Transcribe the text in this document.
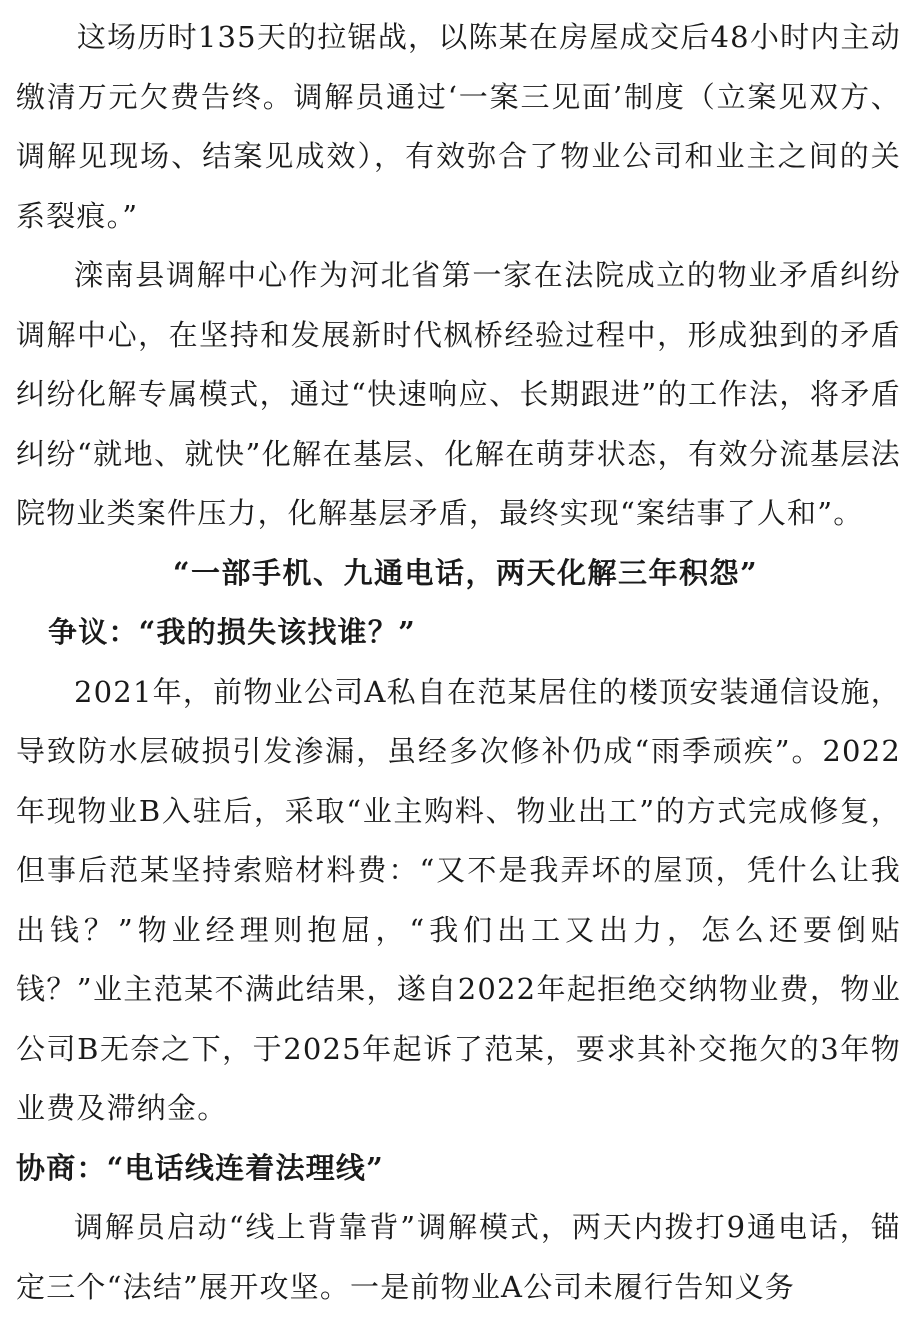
这场历时135天的拉锯战，以陈某在房屋成交后48小时内主动缴清万元欠费告终。调解员通过‘一案三见面’制度（立案见双方、调解见现场、结案见成效），有效弥合了物业公司和业主之间的关系裂痕。”

滦南县调解中心作为河北省第一家在法院成立的物业矛盾纠纷调解中心，在坚持和发展新时代枫桥经验过程中，形成独到的矛盾纠纷化解专属模式，通过“快速响应、长期跟进”的工作法，将矛盾纠纷“就地、就快”化解在基层、化解在萌芽状态，有效分流基层法院物业类案件压力，化解基层矛盾，最终实现“案结事了人和”。

“一部手机、九通电话，两天化解三年积怨”

争议：“我的损失该找谁？”

2021年，前物业公司A私自在范某居住的楼顶安装通信设施，导致防水层破损引发渗漏，虽经多次修补仍成“雨季顽疾”。2022年现物业B入驻后，采取“业主购料、物业出工”的方式完成修复，但事后范某坚持索赔材料费：“又不是我弄坏的屋顶，凭什么让我出钱？”物业经理则抱屈，“我们出工又出力，怎么还要倒贴钱？”业主范某不满此结果，遂自2022年起拒绝交纳物业费，物业公司B无奈之下，于2025年起诉了范某，要求其补交拖欠的3年物业费及滞纳金。

协商：“电话线连着法理线”

调解员启动“线上背靠背”调解模式，两天内拨打9通电话，锚定三个“法结”展开攻坚。一是前物业A公司未履行告知义务
